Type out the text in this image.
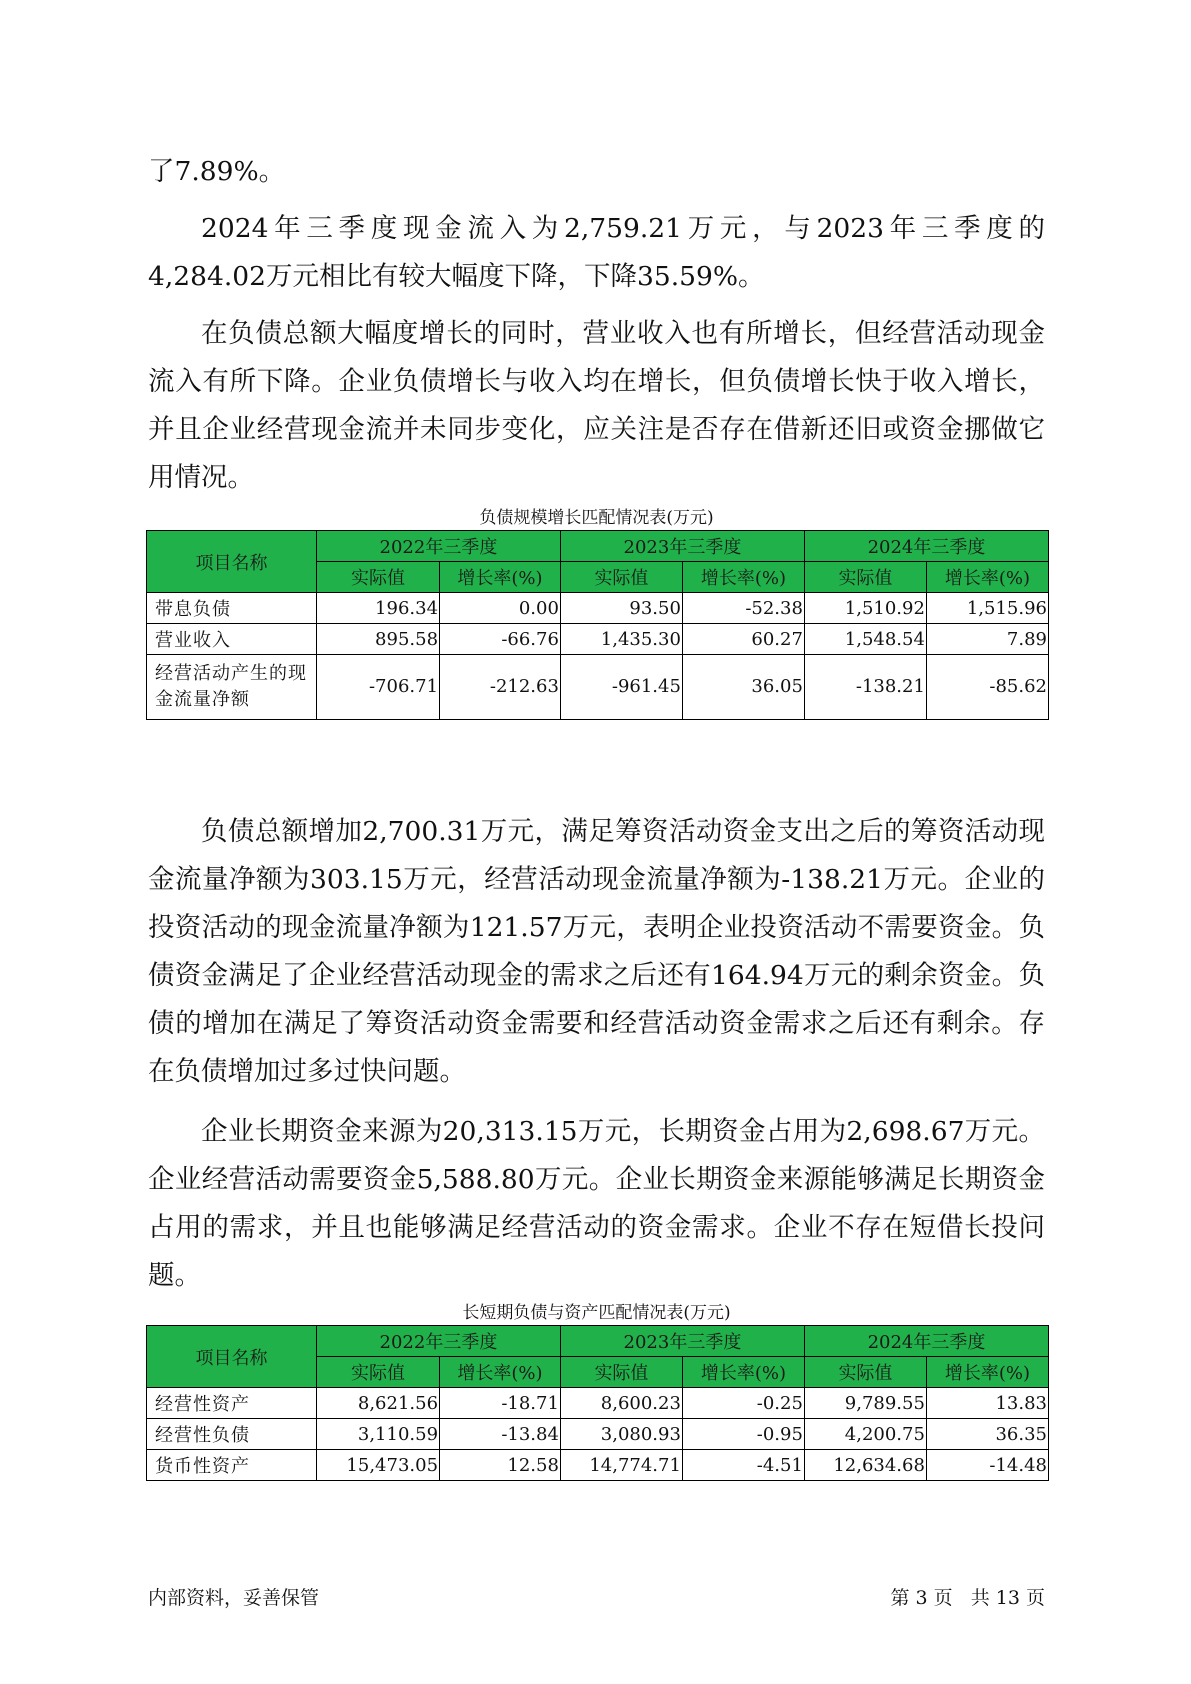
了7.89%。

2024年三季度现金流入为2,759.21万元，与2023年三季度的4,284.02万元相比有较大幅度下降，下降35.59%。

在负债总额大幅度增长的同时，营业收入也有所增长，但经营活动现金流入有所下降。企业负债增长与收入均在增长，但负债增长快于收入增长，并且企业经营现金流并未同步变化，应关注是否存在借新还旧或资金挪做它用情况。

负债规模增长匹配情况表(万元)
项目名称	2022年三季度		2023年三季度		2024年三季度	
	实际值	增长率(%)	实际值	增长率(%)	实际值	增长率(%)
带息负债	196.34	0.00	93.50	-52.38	1,510.92	1,515.96
营业收入	895.58	-66.76	1,435.30	60.27	1,548.54	7.89
经营活动产生的现金流量净额	-706.71	-212.63	-961.45	36.05	-138.21	-85.62

负债总额增加2,700.31万元，满足筹资活动资金支出之后的筹资活动现金流量净额为303.15万元，经营活动现金流量净额为-138.21万元。企业的投资活动的现金流量净额为121.57万元，表明企业投资活动不需要资金。负债资金满足了企业经营活动现金的需求之后还有164.94万元的剩余资金。负债的增加在满足了筹资活动资金需要和经营活动资金需求之后还有剩余。存在负债增加过多过快问题。

企业长期资金来源为20,313.15万元，长期资金占用为2,698.67万元。企业经营活动需要资金5,588.80万元。企业长期资金来源能够满足长期资金占用的需求，并且也能够满足经营活动的资金需求。企业不存在短借长投问题。

长短期负债与资产匹配情况表(万元)
项目名称	2022年三季度		2023年三季度		2024年三季度	
	实际值	增长率(%)	实际值	增长率(%)	实际值	增长率(%)
经营性资产	8,621.56	-18.71	8,600.23	-0.25	9,789.55	13.83
经营性负债	3,110.59	-13.84	3,080.93	-0.95	4,200.75	36.35
货币性资产	15,473.05	12.58	14,774.71	-4.51	12,634.68	-14.48
内部资料，妥善保管	第 3 页   共 13 页
